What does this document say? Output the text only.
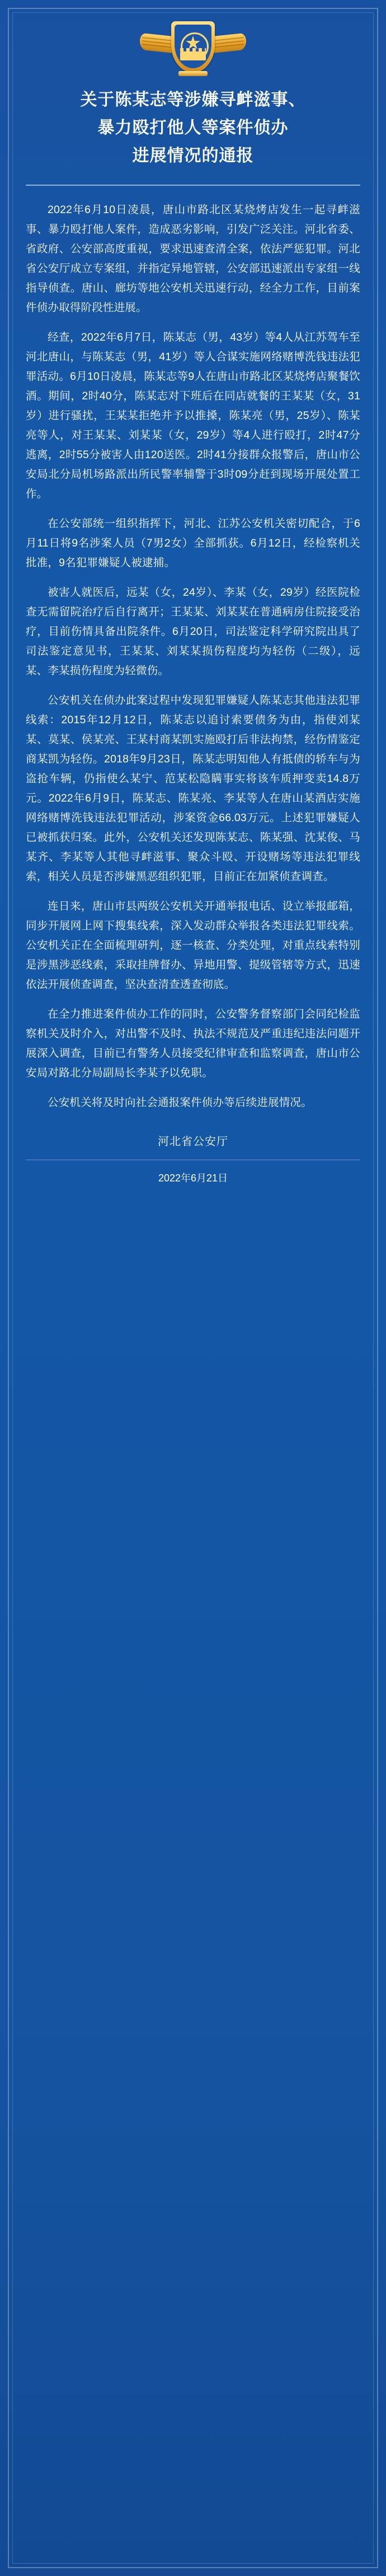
关于陈某志等涉嫌寻衅滋事、
暴力殴打他人等案件侦办
进展情况的通报

2022年6月10日凌晨，唐山市路北区某烧烤店发生一起寻衅滋事、暴力殴打他人案件，造成恶劣影响，引发广泛关注。河北省委、省政府、公安部高度重视，要求迅速查清全案，依法严惩犯罪。河北省公安厅成立专案组，并指定异地管辖，公安部迅速派出专家组一线指导侦查。唐山、廊坊等地公安机关迅速行动，经全力工作，目前案件侦办取得阶段性进展。

经查，2022年6月7日，陈某志（男，43岁）等4人从江苏驾车至河北唐山，与陈某志（男，41岁）等人合谋实施网络赌博洗钱违法犯罪活动。6月10日凌晨，陈某志等9人在唐山市路北区某烧烤店聚餐饮酒。期间，2时40分，陈某志对下班后在同店就餐的王某某（女，31岁）进行骚扰，王某某拒绝并予以推搡，陈某亮（男，25岁）、陈某亮等人，对王某某、刘某某（女，29岁）等4人进行殴打，2时47分逃离，2时55分被害人由120送医。2时41分接群众报警后，唐山市公安局北分局机场路派出所民警率辅警于3时09分赶到现场开展处置工作。

在公安部统一组织指挥下，河北、江苏公安机关密切配合，于6月11日将9名涉案人员（7男2女）全部抓获。6月12日，经检察机关批准，9名犯罪嫌疑人被逮捕。

被害人就医后，远某（女，24岁）、李某（女，29岁）经医院检查无需留院治疗后自行离开；王某某、刘某某在普通病房住院接受治疗，目前伤情具备出院条件。6月20日，司法鉴定科学研究院出具了司法鉴定意见书，王某某、刘某某损伤程度均为轻伤（二级），远某、李某损伤程度为轻微伤。

公安机关在侦办此案过程中发现犯罪嫌疑人陈某志其他违法犯罪线索：2015年12月12日，陈某志以追讨索要债务为由，指使刘某某、莫某、侯某亮、王某村商某凯实施殴打后非法拘禁，经伤情鉴定商某凯为轻伤。2018年9月23日，陈某志明知他人有抵债的轿车与为盗抢车辆，仍指使么某宁、范某松隐瞒事实将该车质押变卖14.8万元。2022年6月9日，陈某志、陈某亮、李某等人在唐山某酒店实施网络赌博洗钱违法犯罪活动，涉案资金66.03万元。上述犯罪嫌疑人已被抓获归案。此外，公安机关还发现陈某志、陈某强、沈某俊、马某齐、李某等人其他寻衅滋事、聚众斗殴、开设赌场等违法犯罪线索，相关人员是否涉嫌黑恶组织犯罪，目前正在加紧侦查调查。

连日来，唐山市县两级公安机关开通举报电话、设立举报邮箱，同步开展网上网下搜集线索，深入发动群众举报各类违法犯罪线索。公安机关正在全面梳理研判，逐一核查、分类处理，对重点线索特别是涉黑涉恶线索，采取挂牌督办、异地用警、提级管辖等方式，迅速依法开展侦查调查，坚决查清查透查彻底。

在全力推进案件侦办工作的同时，公安警务督察部门会同纪检监察机关及时介入，对出警不及时、执法不规范及严重违纪违法问题开展深入调查，目前已有警务人员接受纪律审查和监察调查，唐山市公安局对路北分局副局长李某予以免职。

公安机关将及时向社会通报案件侦办等后续进展情况。

河北省公安厅
2022年6月21日
